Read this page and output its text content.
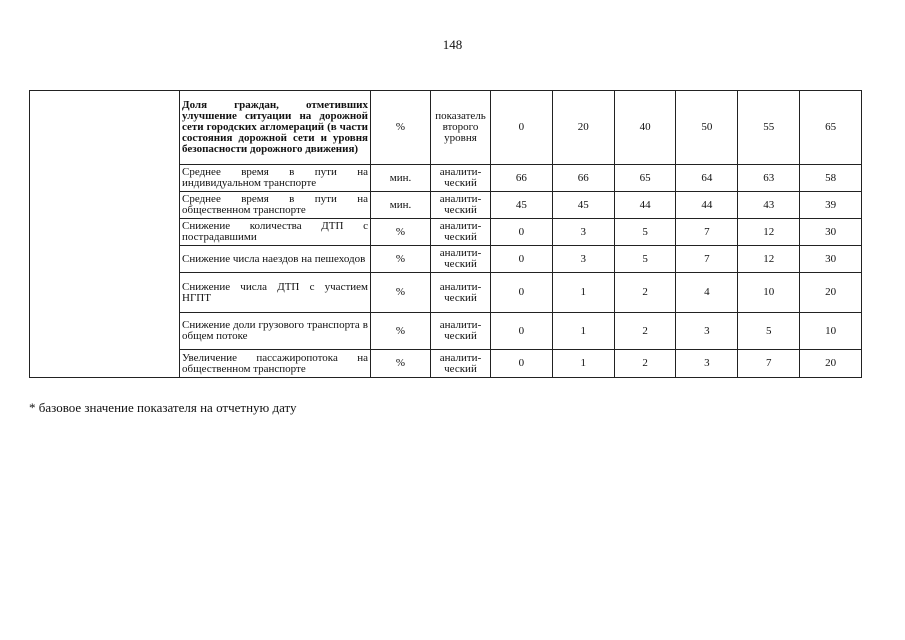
148
	Доля граждан, отметивших улучшение ситуации на дорожной сети городских агломераций (в части состояния дорожной сети и уровня безопасности дорожного движения)	%	показатель второго уровня	0	20	40	50	55	65
	Среднее время в пути на индивидуальном транспорте	мин.	аналити-ческий	66	66	65	64	63	58
	Среднее время в пути на общественном транспорте	мин.	аналити-ческий	45	45	44	44	43	39
	Снижение количества ДТП с пострадавшими	%	аналити-ческий	0	3	5	7	12	30
	Снижение числа наездов на пешеходов	%	аналити-ческий	0	3	5	7	12	30
	Снижение числа ДТП с участием НГПТ	%	аналити-ческий	0	1	2	4	10	20
	Снижение доли грузового транспорта в общем потоке	%	аналити-ческий	0	1	2	3	5	10
	Увеличение пассажиропотока на общественном транспорте	%	аналити-ческий	0	1	2	3	7	20
* базовое значение показателя на отчетную дату
